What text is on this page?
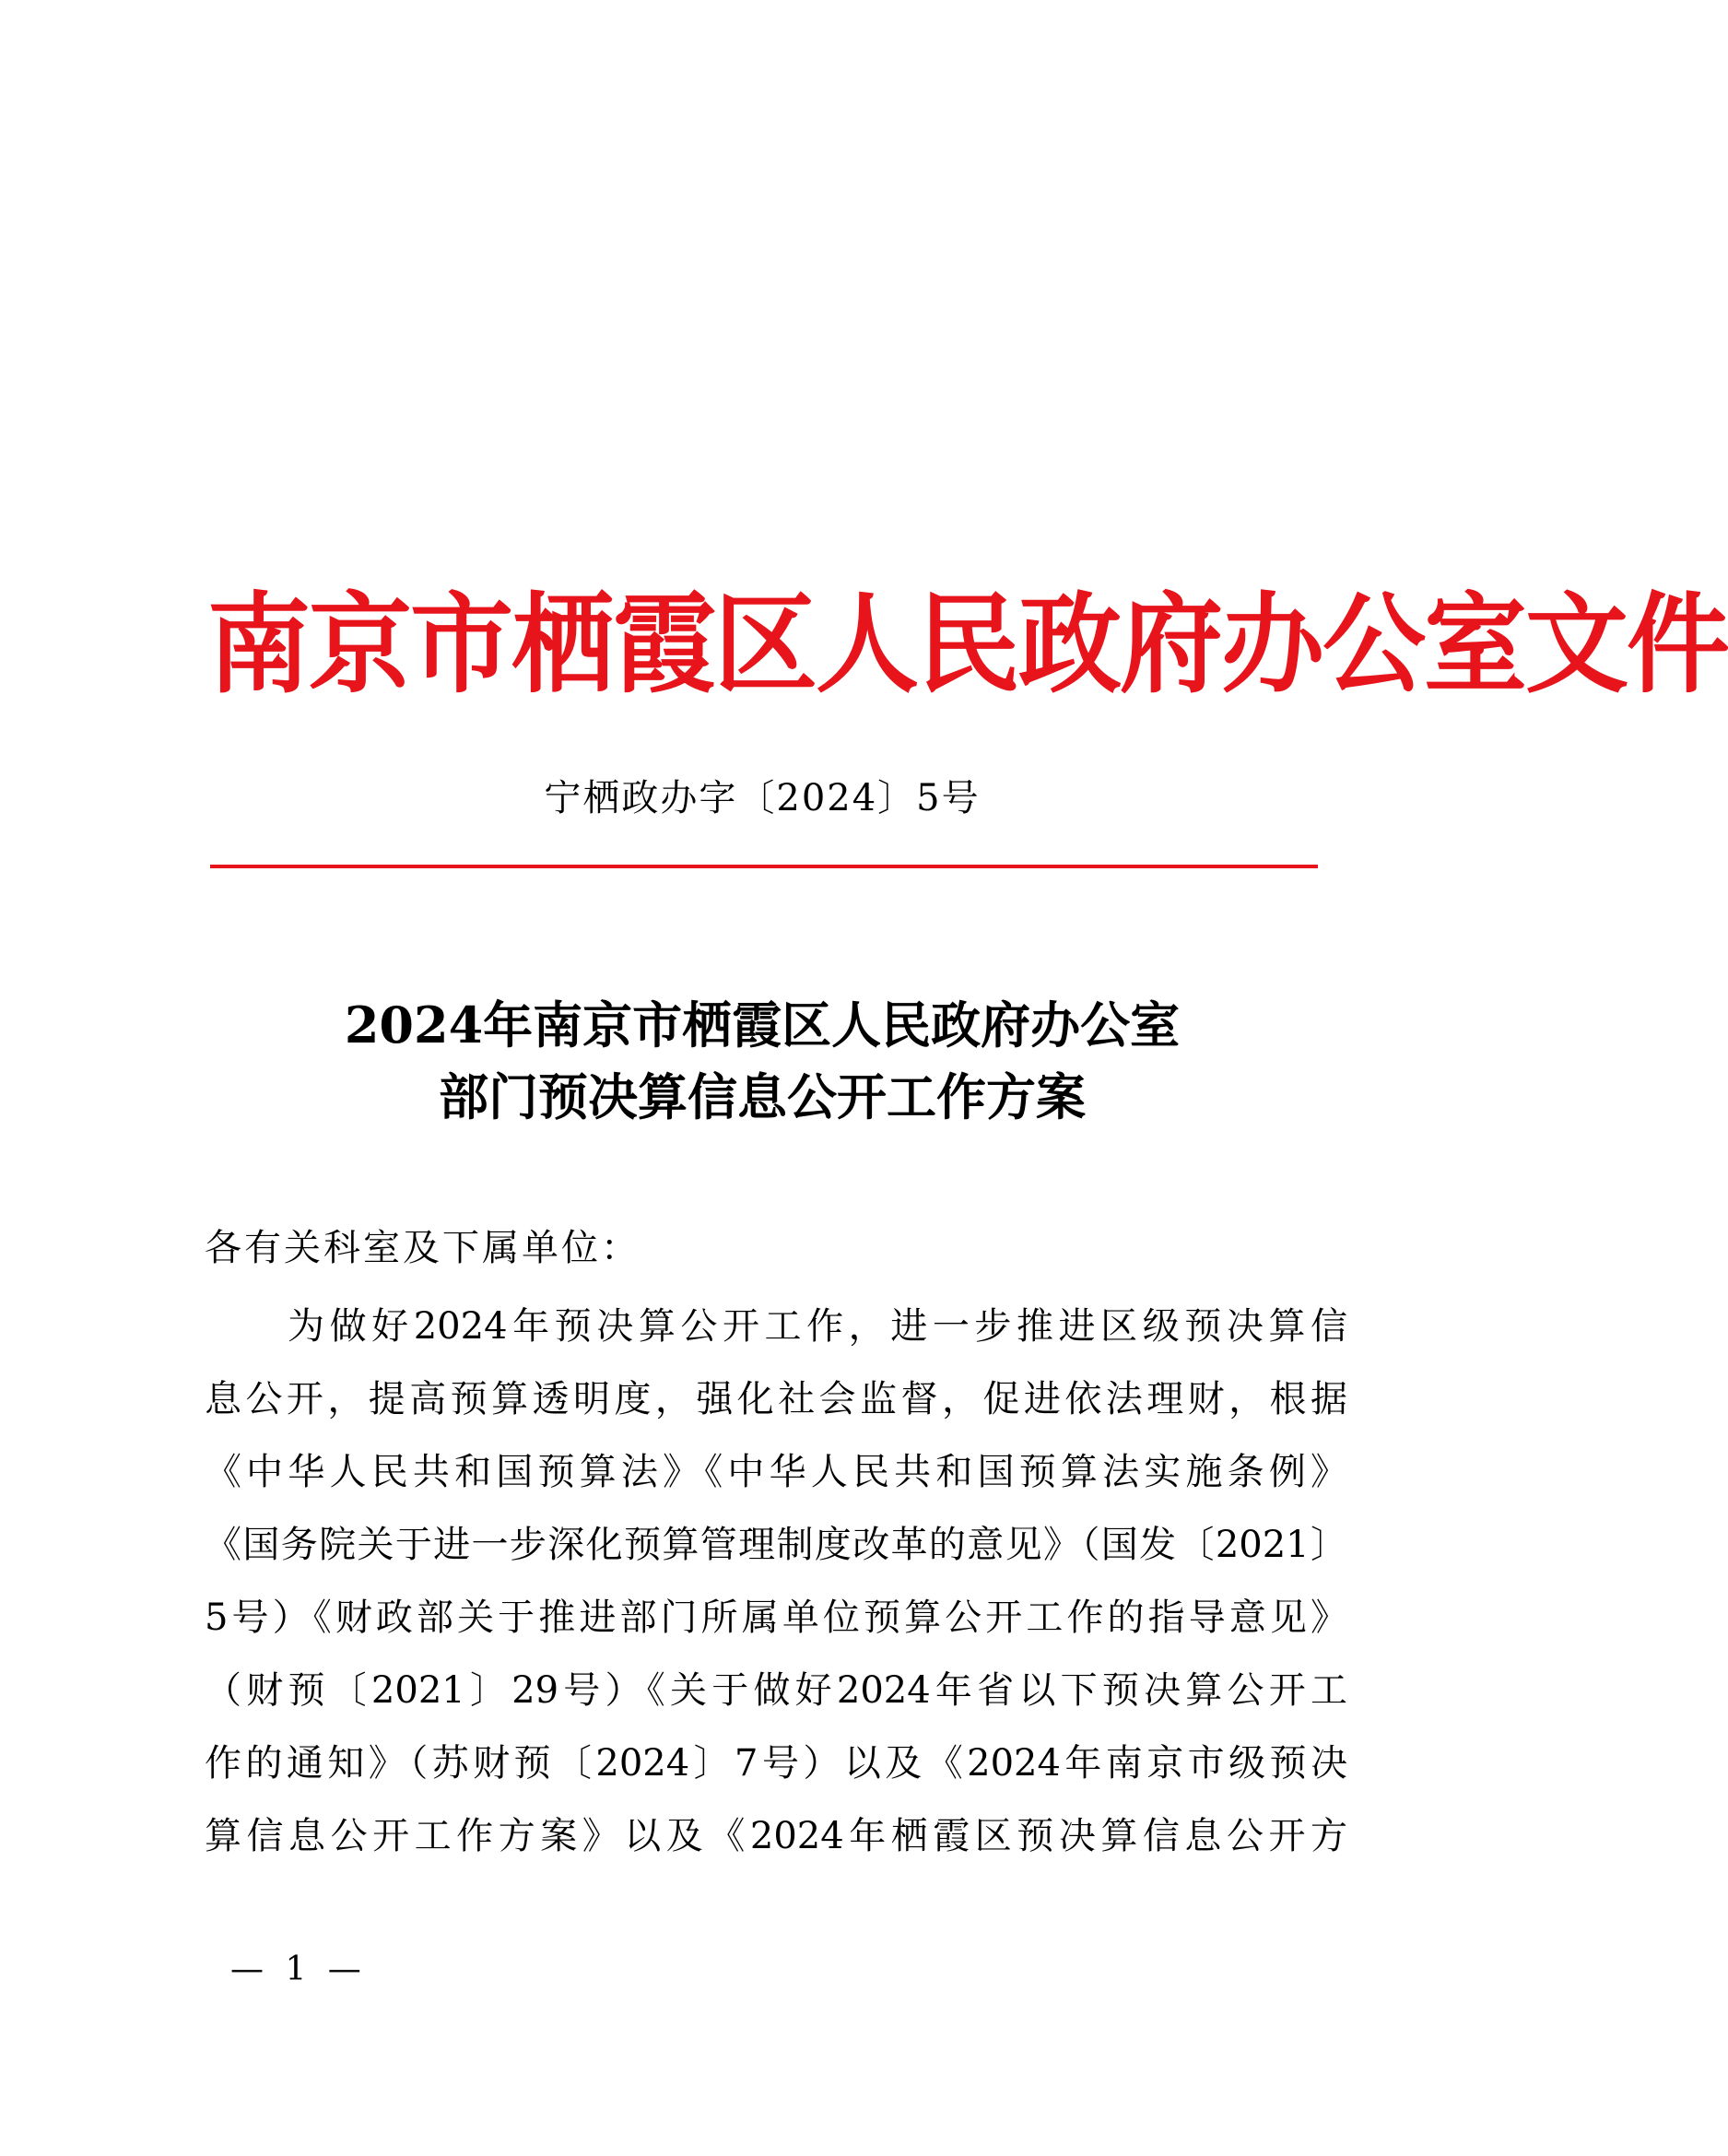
南京市栖霞区人民政府办公室文件
宁栖政办字〔2024〕5号
2024年南京市栖霞区人民政府办公室
部门预决算信息公开工作方案
各有关科室及下属单位：
为做好2024年预决算公开工作，进一步推进区级预决算信
息公开，提高预算透明度，强化社会监督，促进依法理财，根据
《中华人民共和国预算法》《中华人民共和国预算法实施条例》
《国务院关于进一步深化预算管理制度改革的意见》（国发〔2021〕
5号）《财政部关于推进部门所属单位预算公开工作的指导意见》
（财预〔2021〕29号）《关于做好2024年省以下预决算公开工
作的通知》（苏财预〔2024〕7号）以及《2024年南京市级预决
算信息公开工作方案》以及《2024年栖霞区预决算信息公开方
— 1 —
